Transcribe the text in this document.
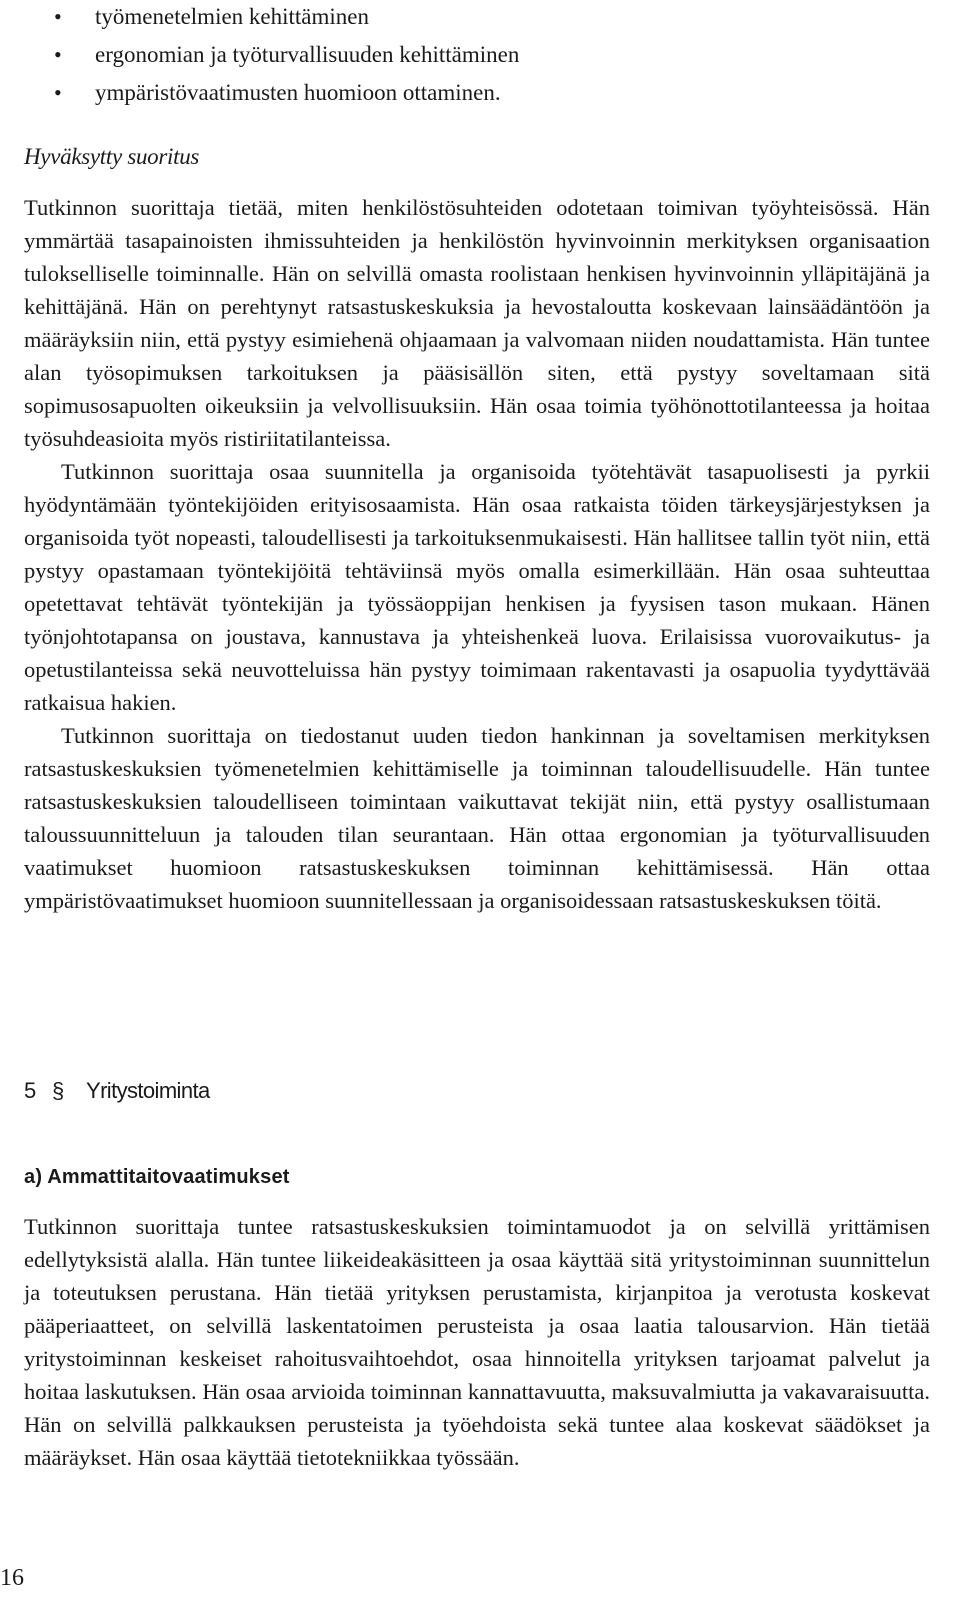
• työmenetelmien kehittäminen
• ergonomian ja työturvallisuuden kehittäminen
• ympäristövaatimusten huomioon ottaminen.
Hyväksytty suoritus

Tutkinnon suorittaja tietää, miten henkilöstösuhteiden odotetaan toimivan työyhteisössä. Hän ymmärtää tasapainoisten ihmissuhteiden ja henkilöstön hyvinvoinnin merkityksen organisaation tulokselliselle toiminnalle. Hän on selvillä omasta roolistaan henkisen hyvinvoinnin ylläpitäjänä ja kehittäjänä. Hän on perehtynyt ratsastuskeskuksia ja hevostaloutta koskevaan lainsäädäntöön ja määräyksiin niin, että pystyy esimiehenä ohjaamaan ja valvomaan niiden noudattamista. Hän tuntee alan työsopimuksen tarkoituksen ja pääsisällön siten, että pystyy soveltamaan sitä sopimusosapuolten oikeuksiin ja velvollisuuksiin. Hän osaa toimia työhönottotilanteessa ja hoitaa työsuhdeasioita myös ristiriitatilanteissa.

Tutkinnon suorittaja osaa suunnitella ja organisoida työtehtävät tasapuolisesti ja pyrkii hyödyntämään työntekijöiden erityisosaamista. Hän osaa ratkaista töiden tärkeysjärjestyksen ja organisoida työt nopeasti, taloudellisesti ja tarkoituksenmukaisesti. Hän hallitsee tallin työt niin, että pystyy opastamaan työntekijöitä tehtäviinsä myös omalla esimerkillään. Hän osaa suhteuttaa opetettavat tehtävät työntekijän ja työssäoppijan henkisen ja fyysisen tason mukaan. Hänen työnjohtotapansa on joustava, kannustava ja yhteishenkeä luova. Erilaisissa vuorovaikutus- ja opetustilanteissa sekä neuvotteluissa hän pystyy toimimaan rakentavasti ja osapuolia tyydyttävää ratkaisua hakien.

Tutkinnon suorittaja on tiedostanut uuden tiedon hankinnan ja soveltamisen merkityksen ratsastuskeskuksien työmenetelmien kehittämiselle ja toiminnan taloudellisuudelle. Hän tuntee ratsastuskeskuksien taloudelliseen toimintaan vaikuttavat tekijät niin, että pystyy osallistumaan taloussuunnitteluun ja talouden tilan seurantaan. Hän ottaa ergonomian ja työturvallisuuden vaatimukset huomioon ratsastuskeskuksen toiminnan kehittämisessä. Hän ottaa ympäristövaatimukset huomioon suunnitellessaan ja organisoidessaan ratsastuskeskuksen töitä.

5 § Yritystoiminta
a) Ammattitaitovaatimukset

Tutkinnon suorittaja tuntee ratsastuskeskuksien toimintamuodot ja on selvillä yrittämisen edellytyksistä alalla. Hän tuntee liikeideakäsitteen ja osaa käyttää sitä yritystoiminnan suunnittelun ja toteutuksen perustana. Hän tietää yrityksen perustamista, kirjanpitoa ja verotusta koskevat pääperiaatteet, on selvillä laskentatoimen perusteista ja osaa laatia talousarvion. Hän tietää yritystoiminnan keskeiset rahoitusvaihtoehdot, osaa hinnoitella yrityksen tarjoamat palvelut ja hoitaa laskutuksen. Hän osaa arvioida toiminnan kannattavuutta, maksuvalmiutta ja vakavaraisuutta. Hän on selvillä palkkauksen perusteista ja työehdoista sekä tuntee alaa koskevat säädökset ja määräykset. Hän osaa käyttää tietotekniikkaa työssään.

16
